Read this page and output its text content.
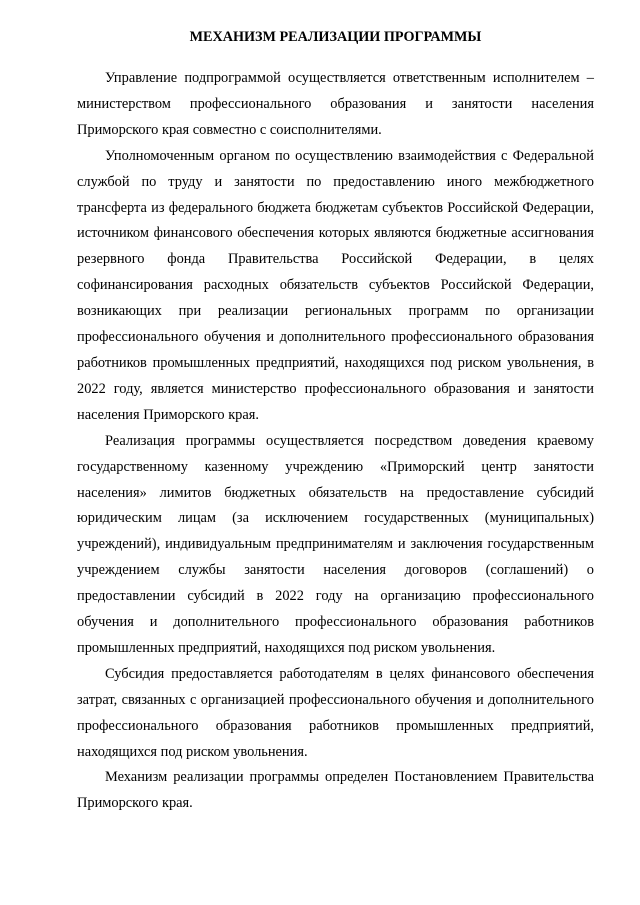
МЕХАНИЗМ РЕАЛИЗАЦИИ ПРОГРАММЫ

Управление подпрограммой осуществляется ответственным исполнителем – министерством профессионального образования и занятости населения Приморского края совместно с соисполнителями.

Уполномоченным органом по осуществлению взаимодействия с Федеральной службой по труду и занятости по предоставлению иного межбюджетного трансферта из федерального бюджета бюджетам субъектов Российской Федерации, источником финансового обеспечения которых являются бюджетные ассигнования резервного фонда Правительства Российской Федерации, в целях софинансирования расходных обязательств субъектов Российской Федерации, возникающих при реализации региональных программ по организации профессионального обучения и дополнительного профессионального образования работников промышленных предприятий, находящихся под риском увольнения, в 2022 году, является министерство профессионального образования и занятости населения Приморского края.

Реализация программы осуществляется посредством доведения краевому государственному казенному учреждению «Приморский центр занятости населения» лимитов бюджетных обязательств на предоставление субсидий юридическим лицам (за исключением государственных (муниципальных) учреждений), индивидуальным предпринимателям и заключения государственным учреждением службы занятости населения договоров (соглашений) о предоставлении субсидий в 2022 году на организацию профессионального обучения и дополнительного профессионального образования работников промышленных предприятий, находящихся под риском увольнения.

Субсидия предоставляется работодателям в целях финансового обеспечения затрат, связанных с организацией профессионального обучения и дополнительного профессионального образования работников промышленных предприятий, находящихся под риском увольнения.

Механизм реализации программы определен Постановлением Правительства Приморского края.
